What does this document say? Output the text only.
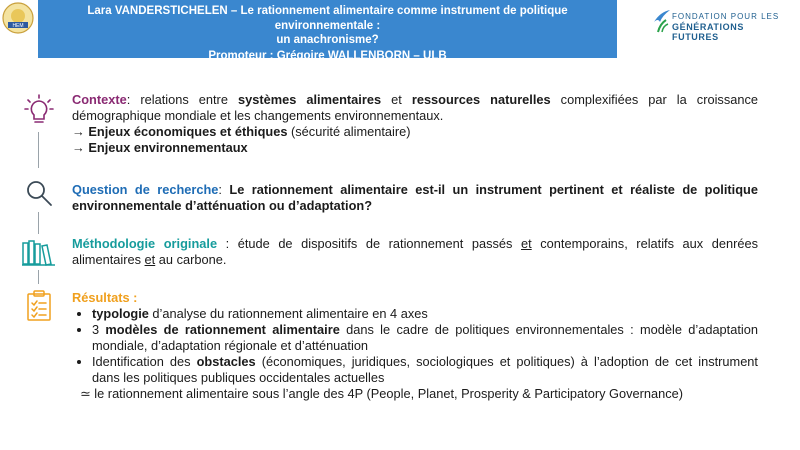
HEM
Lara VANDERSTICHELEN – Le rationnement alimentaire comme instrument de politique environnementale :
un anachronisme?
Promoteur : Grégoire WALLENBORN – ULB
FONDATION POUR LES
GÉNÉRATIONS FUTURES
Contexte: relations entre systèmes alimentaires et ressources naturelles complexifiées par la croissance démographique mondiale et les changements environnementaux.
→ Enjeux économiques et éthiques (sécurité alimentaire)
→ Enjeux environnementaux
Question de recherche: Le rationnement alimentaire est-il un instrument pertinent et réaliste de politique environnementale d’atténuation ou d’adaptation?
Méthodologie originale : étude de dispositifs de rationnement passés et contemporains, relatifs aux denrées alimentaires et au carbone.
Résultats :
• typologie d’analyse du rationnement alimentaire en 4 axes
• 3 modèles de rationnement alimentaire dans le cadre de politiques environnementales : modèle d’adaptation mondiale, d’adaptation régionale et d’atténuation
• Identification des obstacles (économiques, juridiques, sociologiques et politiques) à l’adoption de cet instrument dans les politiques publiques occidentales actuelles
≃ le rationnement alimentaire sous l’angle des 4P (People, Planet, Prosperity & Participatory Governance)
